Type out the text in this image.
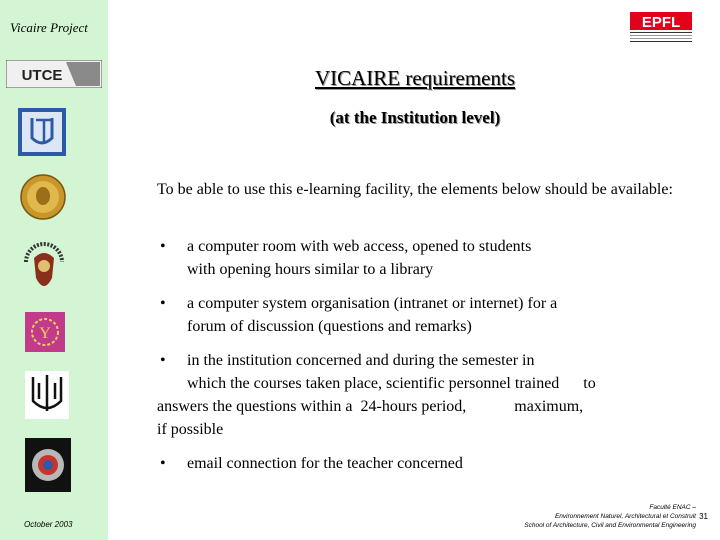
Vicaire Project	EPFL
UTCE
Y
VICAIRE requirements
(at the Institution level)
To be able to use this e-learning facility, the elements below should be available:
• a computer room with web access, opened to students
with opening hours similar to a library
• a computer system organisation (intranet or internet) for a
forum of discussion (questions and remarks)
• in the institution concerned and during the semester in
which the courses taken place, scientific personnel trained      to
answers the questions within a  24-hours period,            maximum,
if possible
• email connection for the teacher concerned
October 2003
Faculté ENAC –
Environnement Naturel, Architectural et Construit
School of Architecture, Civil and Environmental Engineering
31
